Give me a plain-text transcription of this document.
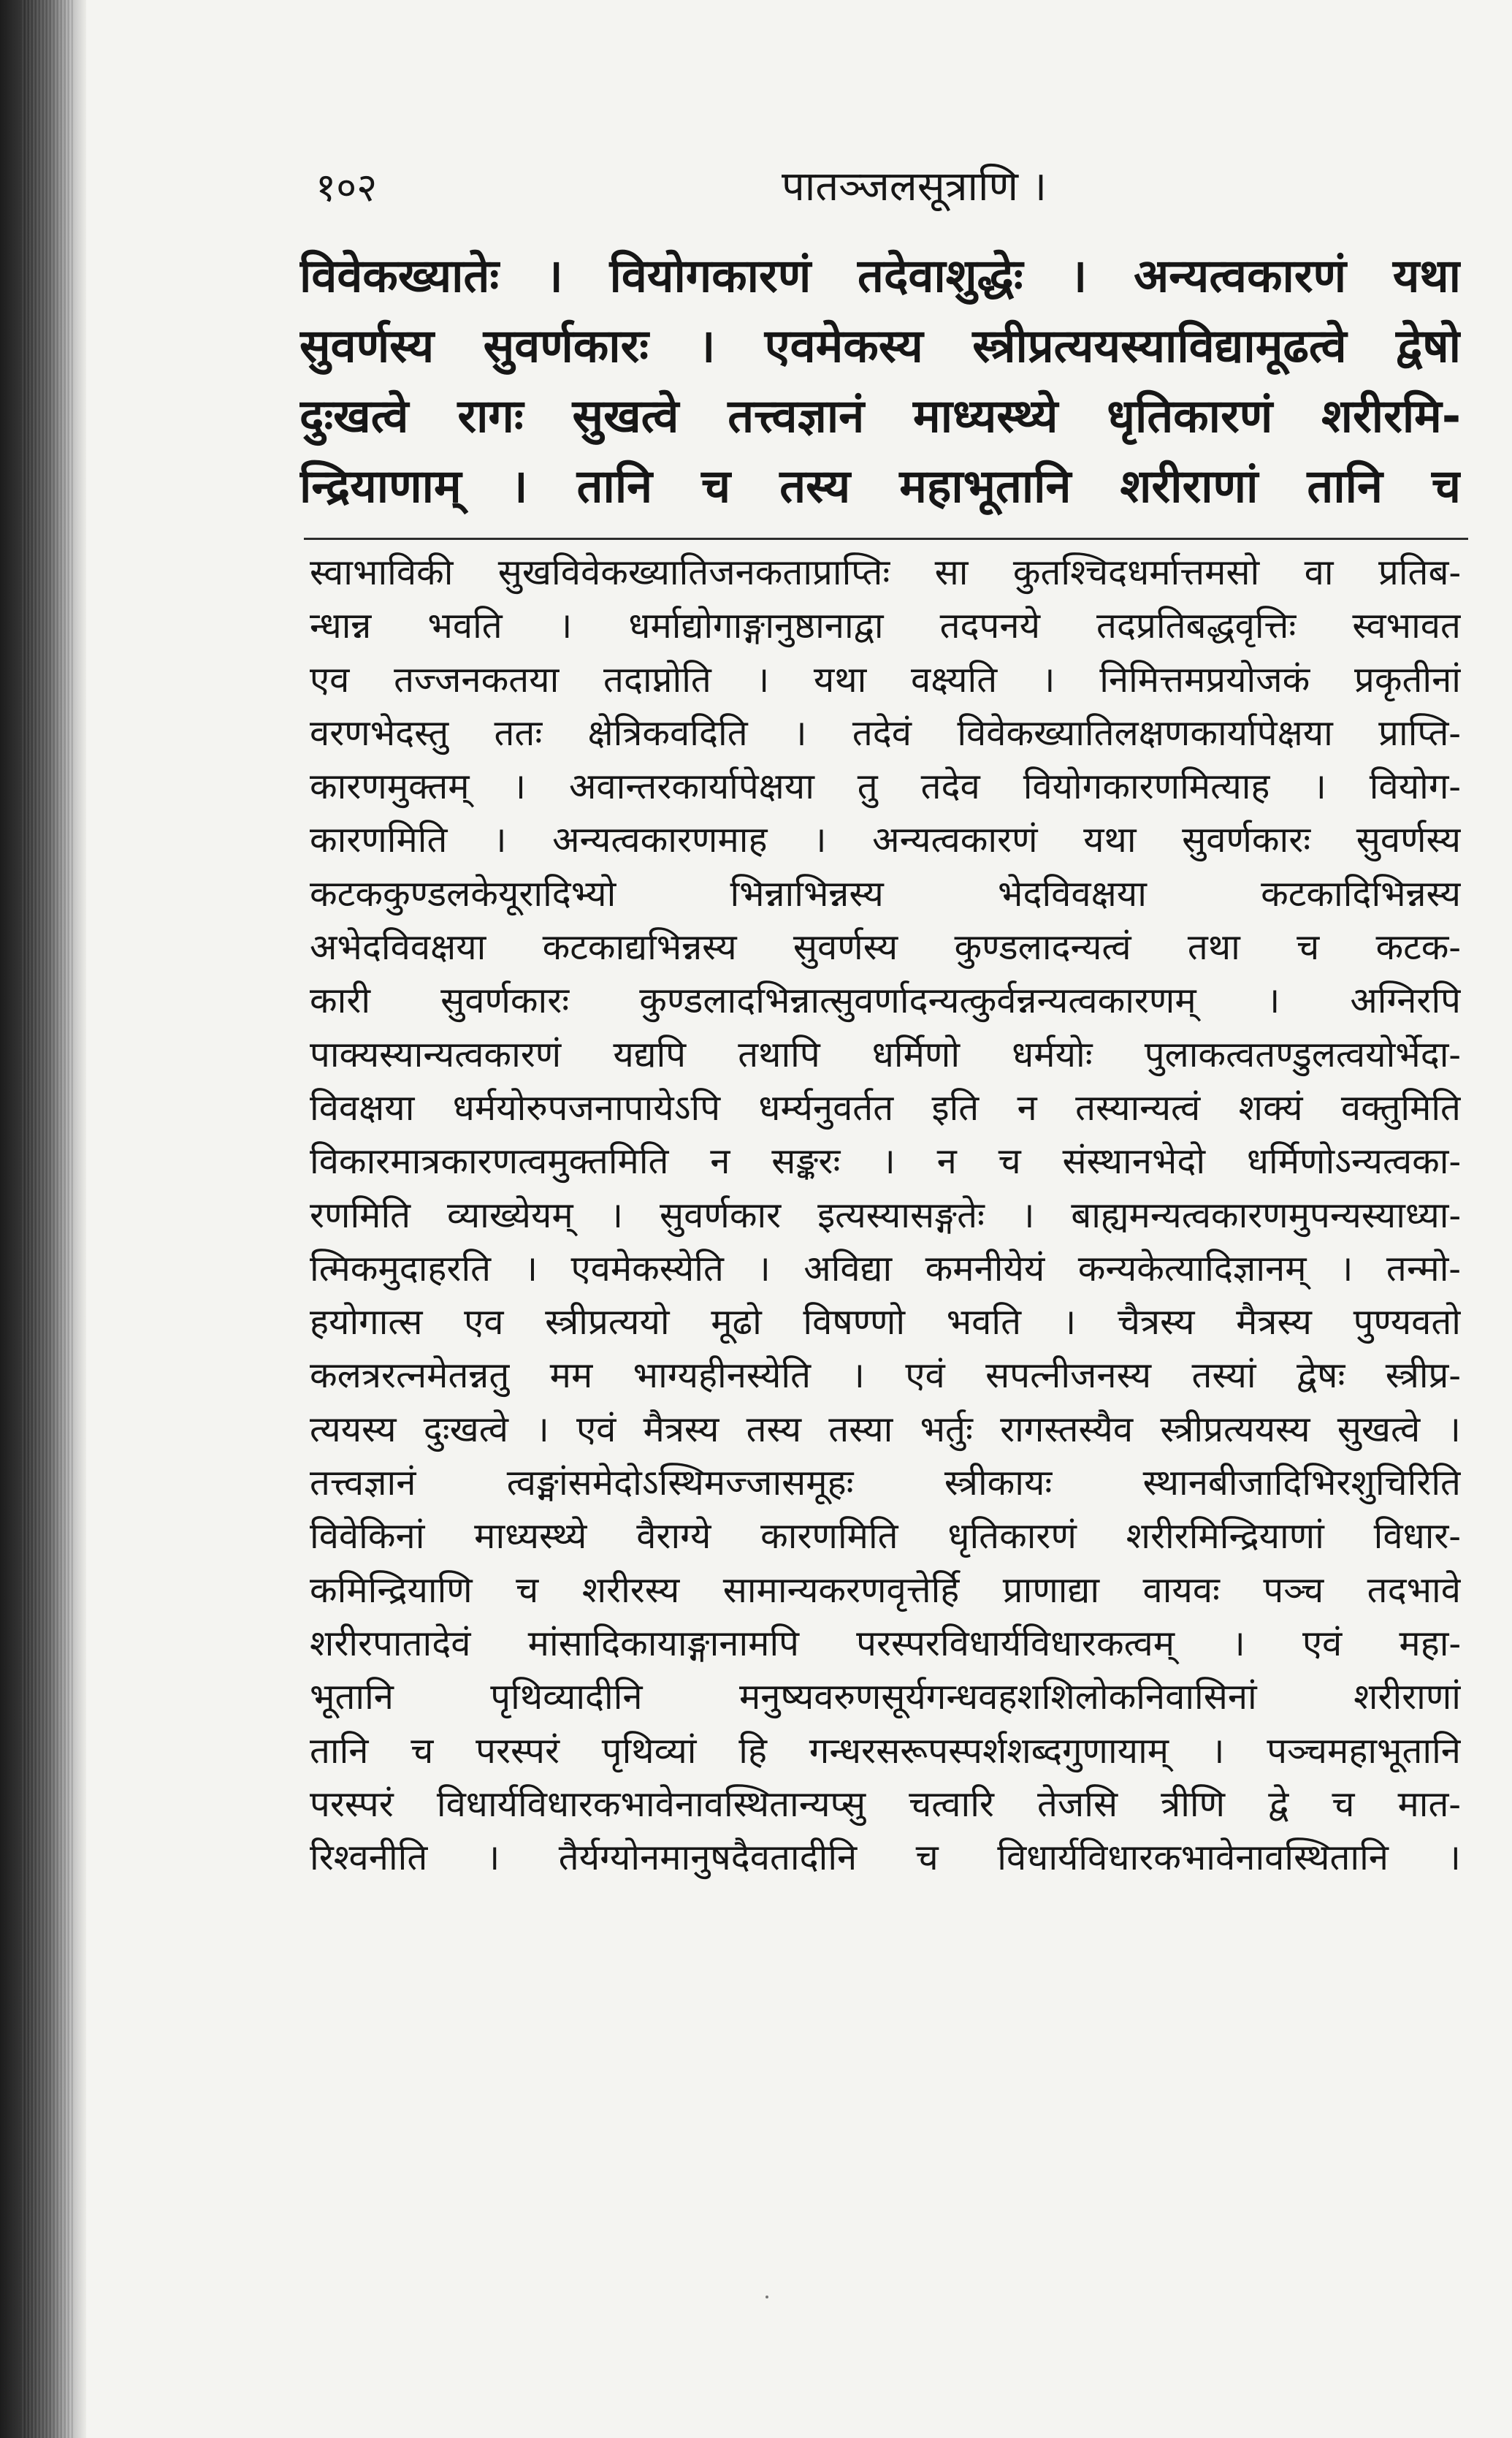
१०२	पातञ्जलसूत्राणि ।
विवेकख्यातेः । वियोगकारणं तदेवाशुद्धेः । अन्यत्वकारणं यथा
सुवर्णस्य सुवर्णकारः । एवमेकस्य स्त्रीप्रत्ययस्याविद्यामूढत्वे द्वेषो
दुःखत्वे रागः सुखत्वे तत्त्वज्ञानं माध्यस्थ्ये धृतिकारणं शरीरमि-
न्द्रियाणाम् । तानि च तस्य महाभूतानि शरीराणां तानि च

स्वाभाविकी सुखविवेकख्यातिजनकताप्राप्तिः सा कुतश्चिदधर्मात्तमसो वा प्रतिब-

न्धान्न भवति । धर्माद्योगाङ्गानुष्ठानाद्वा तदपनये तदप्रतिबद्धवृत्तिः स्वभावत

एव तज्जनकतया तदाप्नोति । यथा वक्ष्यति । निमित्तमप्रयोजकं प्रकृतीनां

वरणभेदस्तु ततः क्षेत्रिकवदिति । तदेवं विवेकख्यातिलक्षणकार्यापेक्षया प्राप्ति-

कारणमुक्तम् । अवान्तरकार्यापेक्षया तु तदेव वियोगकारणमित्याह । वियोग-

कारणमिति । अन्यत्वकारणमाह । अन्यत्वकारणं यथा सुवर्णकारः सुवर्णस्य

कटककुण्डलकेयूरादिभ्यो भिन्नाभिन्नस्य भेदविवक्षया कटकादिभिन्नस्य

अभेदविवक्षया कटकाद्यभिन्नस्य सुवर्णस्य कुण्डलादन्यत्वं तथा च कटक-

कारी सुवर्णकारः कुण्डलादभिन्नात्सुवर्णादन्यत्कुर्वन्नन्यत्वकारणम् । अग्निरपि

पाक्यस्यान्यत्वकारणं यद्यपि तथापि धर्मिणो धर्मयोः पुलाकत्वतण्डुलत्वयोर्भेदा-

विवक्षया धर्मयोरुपजनापायेऽपि धर्म्यनुवर्तत इति न तस्यान्यत्वं शक्यं वक्तुमिति

विकारमात्रकारणत्वमुक्तमिति न सङ्करः । न च संस्थानभेदो धर्मिणोऽन्यत्वका-

रणमिति व्याख्येयम् । सुवर्णकार इत्यस्यासङ्गतेः । बाह्यमन्यत्वकारणमुपन्यस्याध्या-

त्मिकमुदाहरति । एवमेकस्येति । अविद्या कमनीयेयं कन्यकेत्यादिज्ञानम् । तन्मो-

हयोगात्स एव स्त्रीप्रत्ययो मूढो विषण्णो भवति । चैत्रस्य मैत्रस्य पुण्यवतो

कलत्ररत्नमेतन्नतु मम भाग्यहीनस्येति । एवं सपत्नीजनस्य तस्यां द्वेषः स्त्रीप्र-

त्ययस्य दुःखत्वे । एवं मैत्रस्य तस्य तस्या भर्तुः रागस्तस्यैव स्त्रीप्रत्ययस्य सुखत्वे ।

तत्त्वज्ञानं त्वङ्मांसमेदोऽस्थिमज्जासमूहः स्त्रीकायः स्थानबीजादिभिरशुचिरिति

विवेकिनां माध्यस्थ्ये वैराग्ये कारणमिति धृतिकारणं शरीरमिन्द्रियाणां विधार-

कमिन्द्रियाणि च शरीरस्य सामान्यकरणवृत्तेर्हि प्राणाद्या वायवः पञ्च तदभावे

शरीरपातादेवं मांसादिकायाङ्गानामपि परस्परविधार्यविधारकत्वम् । एवं महा-

भूतानि पृथिव्यादीनि मनुष्यवरुणसूर्यगन्धवहशशिलोकनिवासिनां शरीराणां

तानि च परस्परं पृथिव्यां हि गन्धरसरूपस्पर्शशब्दगुणायाम् । पञ्चमहाभूतानि

परस्परं विधार्यविधारकभावेनावस्थितान्यप्सु चत्वारि तेजसि त्रीणि द्वे च मात-

रिश्वनीति । तैर्यग्योनमानुषदैवतादीनि च विधार्यविधारकभावेनावस्थितानि ।
